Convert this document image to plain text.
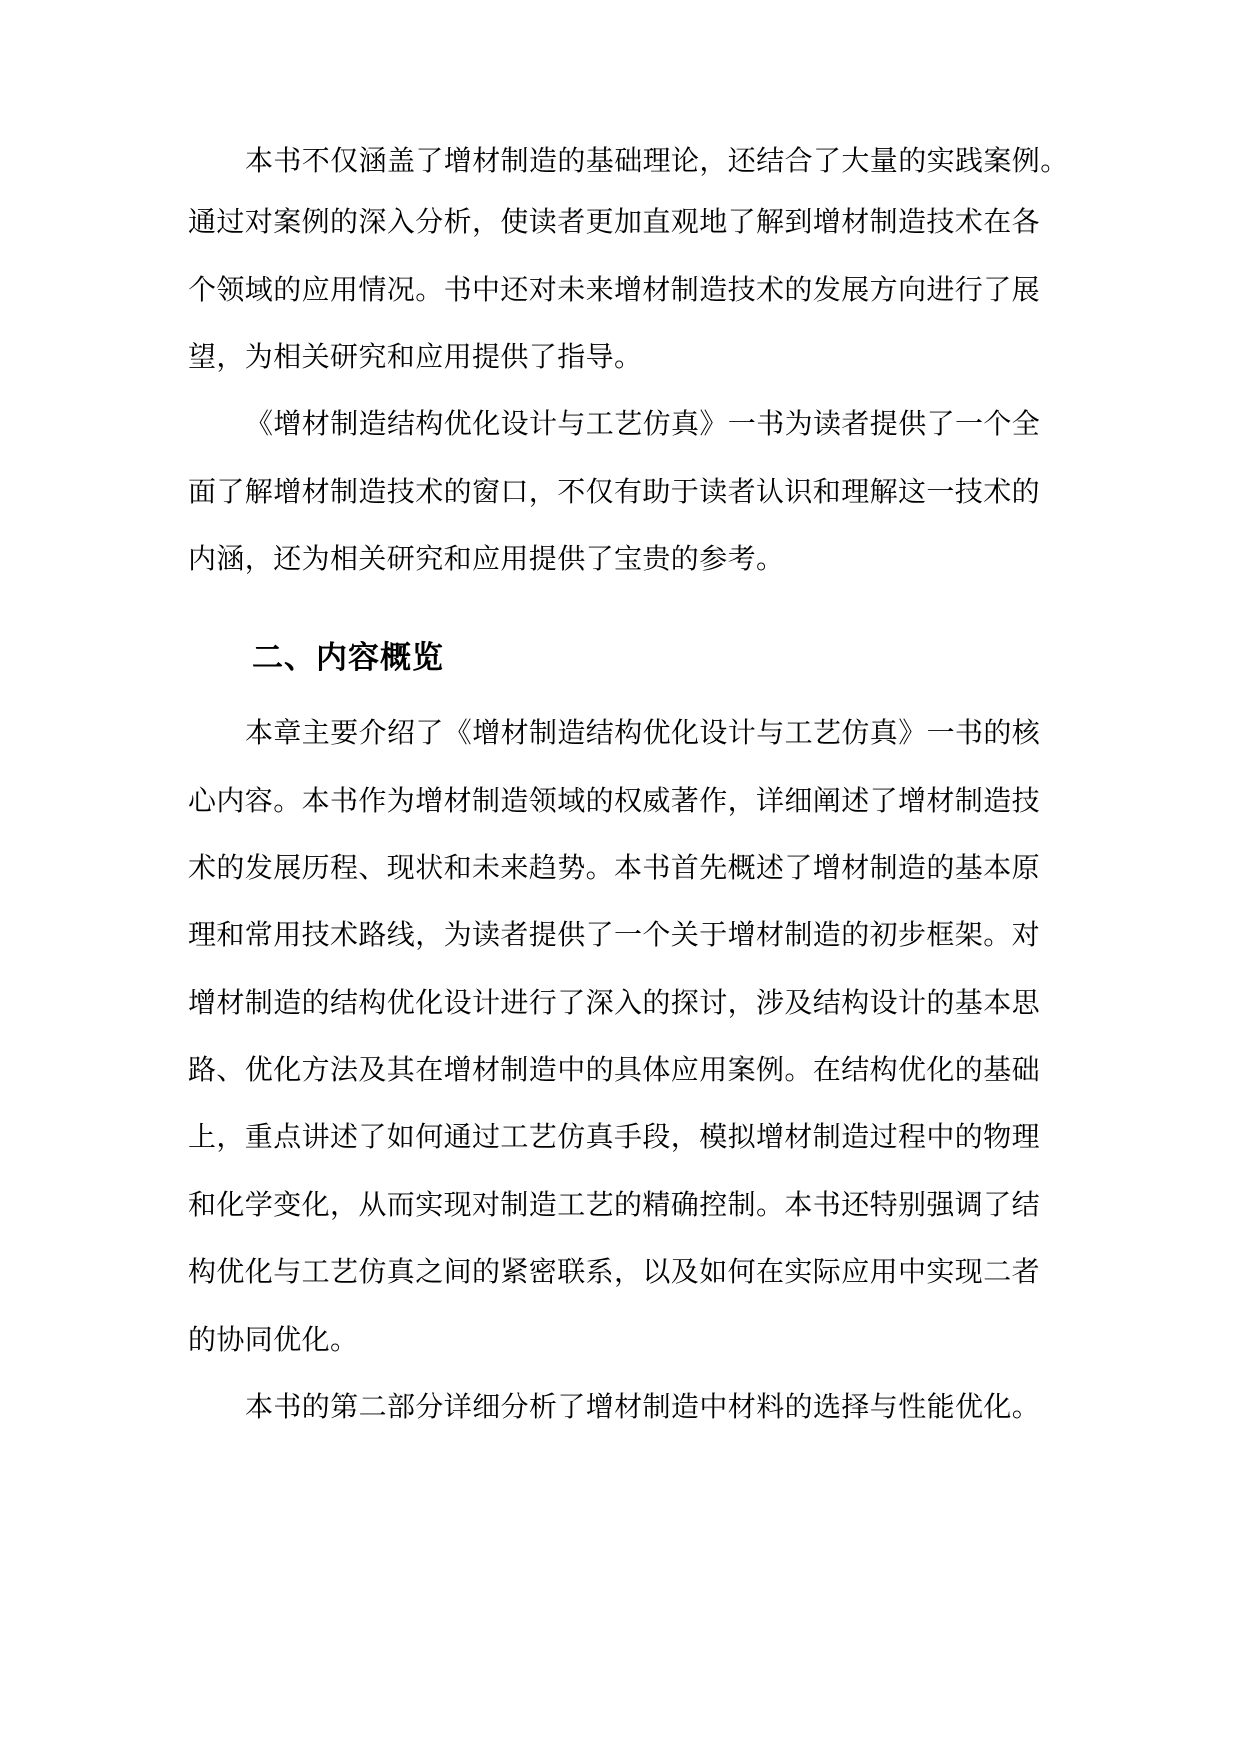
本书不仅涵盖了增材制造的基础理论，还结合了大量的实践案例。
通过对案例的深入分析，使读者更加直观地了解到增材制造技术在各
个领域的应用情况。书中还对未来增材制造技术的发展方向进行了展
望，为相关研究和应用提供了指导。
《增材制造结构优化设计与工艺仿真》一书为读者提供了一个全
面了解增材制造技术的窗口，不仅有助于读者认识和理解这一技术的
内涵，还为相关研究和应用提供了宝贵的参考。
二、内容概览
本章主要介绍了《增材制造结构优化设计与工艺仿真》一书的核
心内容。本书作为增材制造领域的权威著作，详细阐述了增材制造技
术的发展历程、现状和未来趋势。本书首先概述了增材制造的基本原
理和常用技术路线，为读者提供了一个关于增材制造的初步框架。对
增材制造的结构优化设计进行了深入的探讨，涉及结构设计的基本思
路、优化方法及其在增材制造中的具体应用案例。在结构优化的基础
上，重点讲述了如何通过工艺仿真手段，模拟增材制造过程中的物理
和化学变化，从而实现对制造工艺的精确控制。本书还特别强调了结
构优化与工艺仿真之间的紧密联系，以及如何在实际应用中实现二者
的协同优化。
本书的第二部分详细分析了增材制造中材料的选择与性能优化。
